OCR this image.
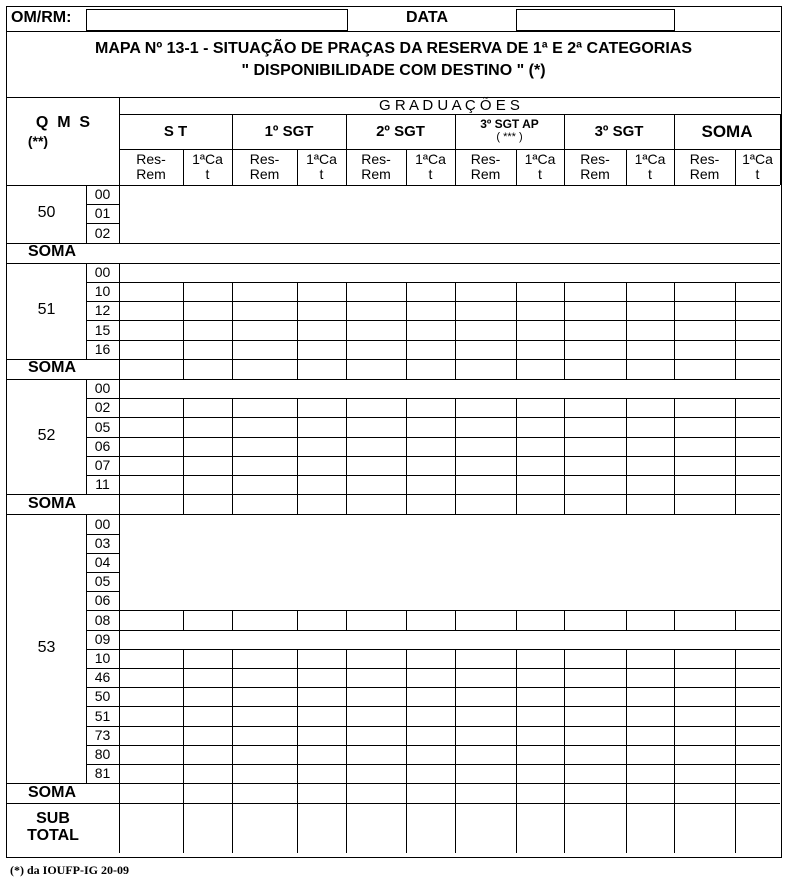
OM/RM:	DATA
MAPA Nº 13-1 - SITUAÇÃO DE PRAÇAS DA RESERVA DE 1ª E 2ª CATEGORIAS
" DISPONIBILIDADE COM DESTINO " (*)
G R A D U A Ç Õ E S
Q  M  S
(**)
S T
Res-
Rem
1ªCa
t
1º SGT
Res-
Rem
1ªCa
t
2º SGT
Res-
Rem
1ªCa
t
3º SGT AP
( *** )
Res-
Rem
1ªCa
t
3º SGT
Res-
Rem
1ªCa
t
SOMA
Res-
Rem
1ªCa
t
00
01
02
50
SOMA
00
10
12
15
16
51
SOMA
00
02
05
06
07
11
52
SOMA
00
03
04
05
06
08
09
10
46
50
51
73
80
81
53
SOMA
SUB
TOTAL
(*) da IOUFP-IG 20-09
